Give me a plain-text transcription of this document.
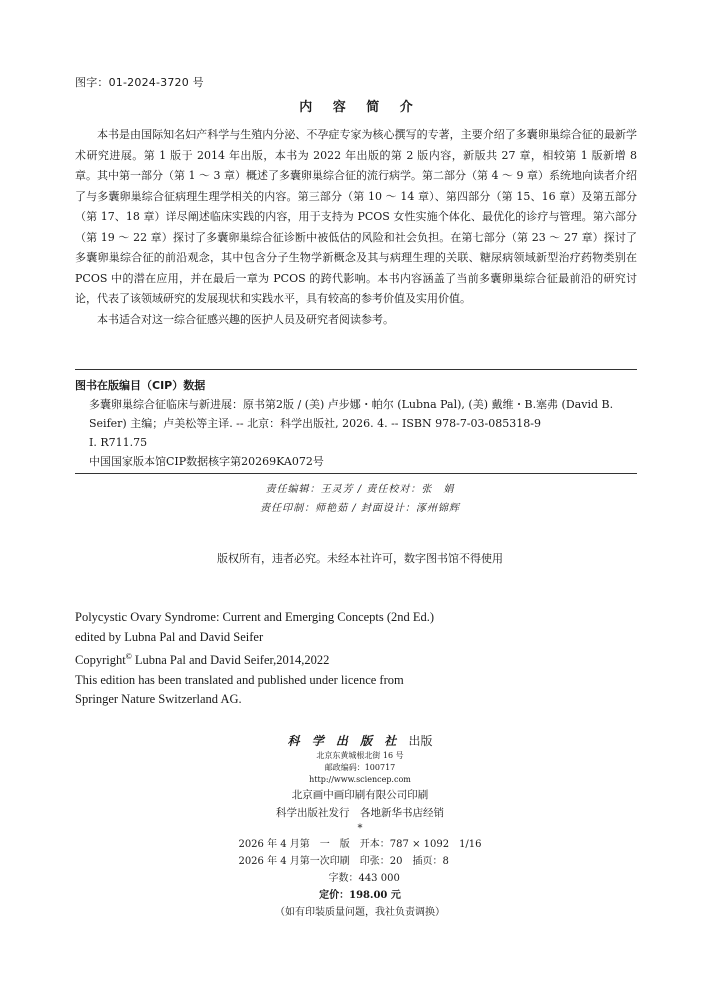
图字：01-2024-3720 号
内 容 简 介

本书是由国际知名妇产科学与生殖内分泌、不孕症专家为核心撰写的专著，主要介绍了多囊卵巢综合征的最新学术研究进展。第 1 版于 2014 年出版，本书为 2022 年出版的第 2 版内容，新版共 27 章，相较第 1 版新增 8 章。其中第一部分（第 1 ～ 3 章）概述了多囊卵巢综合征的流行病学。第二部分（第 4 ～ 9 章）系统地向读者介绍了与多囊卵巢综合征病理生理学相关的内容。第三部分（第 10 ～ 14 章）、第四部分（第 15、16 章）及第五部分（第 17、18 章）详尽阐述临床实践的内容，用于支持为 PCOS 女性实施个体化、最优化的诊疗与管理。第六部分（第 19 ～ 22 章）探讨了多囊卵巢综合征诊断中被低估的风险和社会负担。在第七部分（第 23 ～ 27 章）探讨了多囊卵巢综合征的前沿观念，其中包含分子生物学新概念及其与病理生理的关联、糖尿病领域新型治疗药物类别在 PCOS 中的潜在应用，并在最后一章为 PCOS 的跨代影响。本书内容涵盖了当前多囊卵巢综合征最前沿的研究讨论，代表了该领域研究的发展现状和实践水平，具有较高的参考价值及实用价值。

本书适合对这一综合征感兴趣的医护人员及研究者阅读参考。

图书在版编目（CIP）数据
多囊卵巢综合征临床与新进展：原书第2版 / (美) 卢步娜・帕尔 (Lubna Pal), (美) 戴维・B.塞弗 (David B. Seifer) 主编；卢美松等主译. -- 北京：科学出版社, 2026. 4. -- ISBN 978-7-03-085318-9
Ⅰ. R711.75
中国国家版本馆CIP数据核字第20269KA072号
责任编辑：王灵芳 / 责任校对：张　娟
责任印制：师艳茹 / 封面设计：涿州锦辉
版权所有，违者必究。未经本社许可，数字图书馆不得使用
Polycystic Ovary Syndrome: Current and Emerging Concepts (2nd Ed.)
edited by Lubna Pal and David Seifer
Copyright© Lubna Pal and David Seifer,2014,2022
This edition has been translated and published under licence from
Springer Nature Switzerland AG.
科 学 出 版 社 出版
北京东黄城根北街 16 号
邮政编码：100717
http://www.sciencep.com
北京画中画印刷有限公司印刷
科学出版社发行　各地新华书店经销
*
2026 年 4 月第　一　版　开本：787 × 1092　1/16
2026 年 4 月第一次印刷　印张：20　插页：8
字数：443 000
定价：198.00 元
（如有印装质量问题，我社负责调换）
